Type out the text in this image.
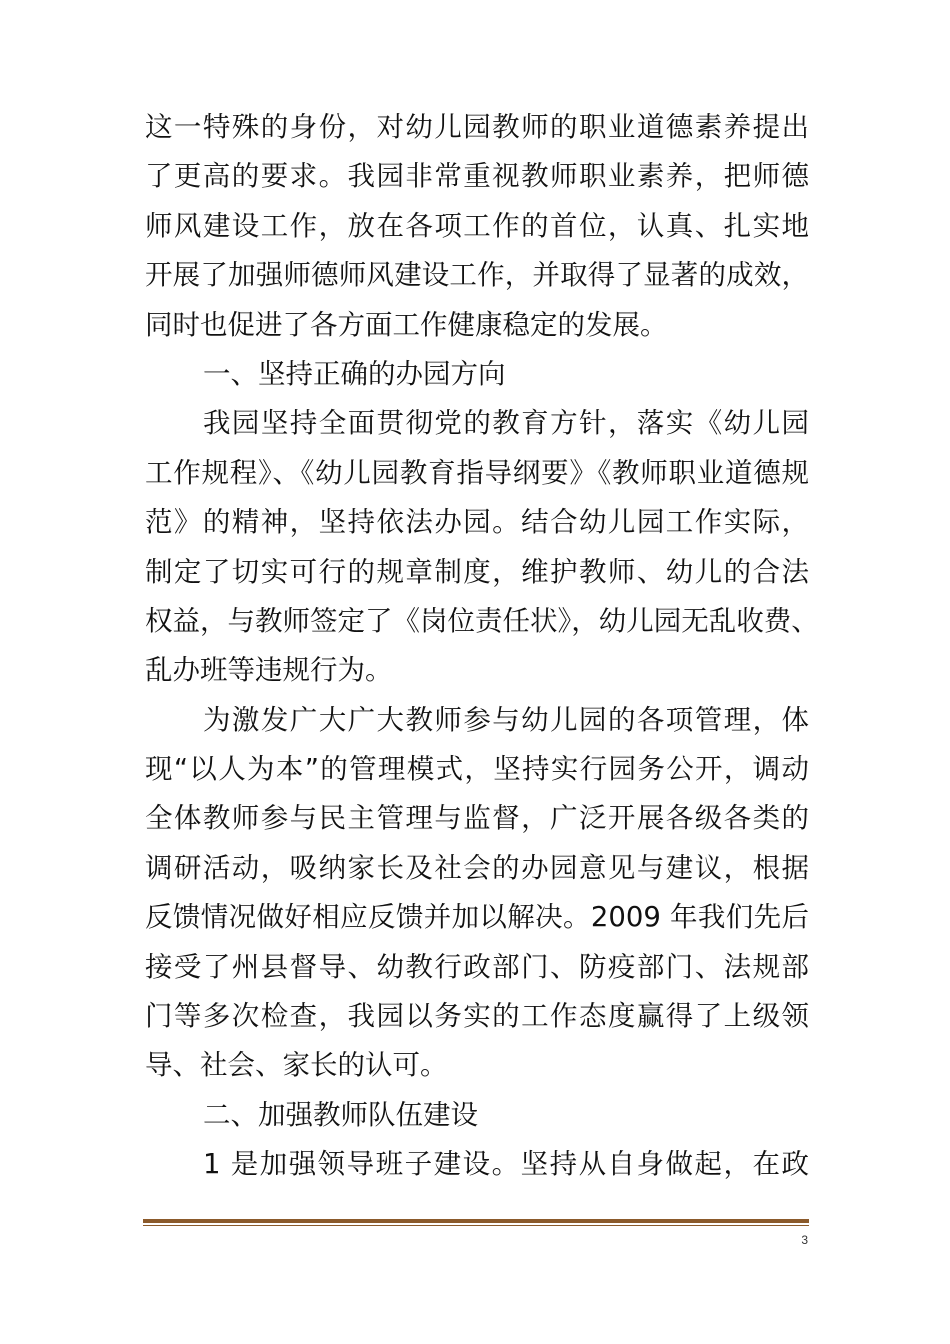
这一特殊的身份，对幼儿园教师的职业道德素养提出
了更高的要求。我园非常重视教师职业素养，把师德
师风建设工作，放在各项工作的首位，认真、扎实地
开展了加强师德师风建设工作，并取得了显著的成效，
同时也促进了各方面工作健康稳定的发展。
一、坚持正确的办园方向
我园坚持全面贯彻党的教育方针，落实《幼儿园
工作规程》、《幼儿园教育指导纲要》《教师职业道德规
范》的精神，坚持依法办园。结合幼儿园工作实际，
制定了切实可行的规章制度，维护教师、幼儿的合法
权益，与教师签定了《岗位责任状》，幼儿园无乱收费、
乱办班等违规行为。
为激发广大广大教师参与幼儿园的各项管理，体
现“以人为本”的管理模式，坚持实行园务公开，调动
全体教师参与民主管理与监督，广泛开展各级各类的
调研活动，吸纳家长及社会的办园意见与建议，根据
反馈情况做好相应反馈并加以解决。2009 年我们先后
接受了州县督导、幼教行政部门、防疫部门、法规部
门等多次检查，我园以务实的工作态度赢得了上级领
导、社会、家长的认可。
二、加强教师队伍建设
1 是加强领导班子建设。坚持从自身做起，在政
3
